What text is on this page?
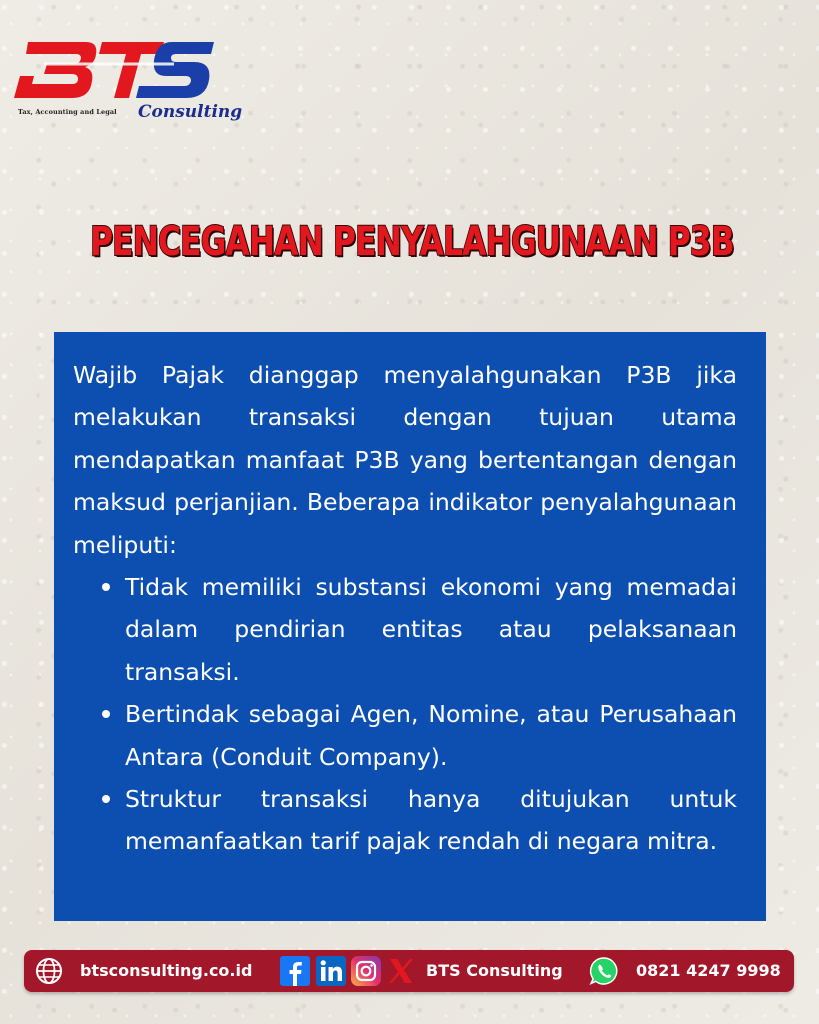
Tax, Accounting and Legal Consulting
PENCEGAHAN PENYALAHGUNAAN P3B

Wajib Pajak dianggap menyalahgunakan P3B jika melakukan transaksi dengan tujuan utama mendapatkan manfaat P3B yang bertentangan dengan maksud perjanjian. Beberapa indikator penyalahgunaan meliputi:

Tidak memiliki substansi ekonomi yang memadai dalam pendirian entitas atau pelaksanaan transaksi.
Bertindak sebagai Agen, Nomine, atau Perusahaan Antara (Conduit Company).
Struktur transaksi hanya ditujukan untuk memanfaatkan tarif pajak rendah di negara mitra.
btsconsulting.co.id	BTS Consulting	0821 4247 9998
